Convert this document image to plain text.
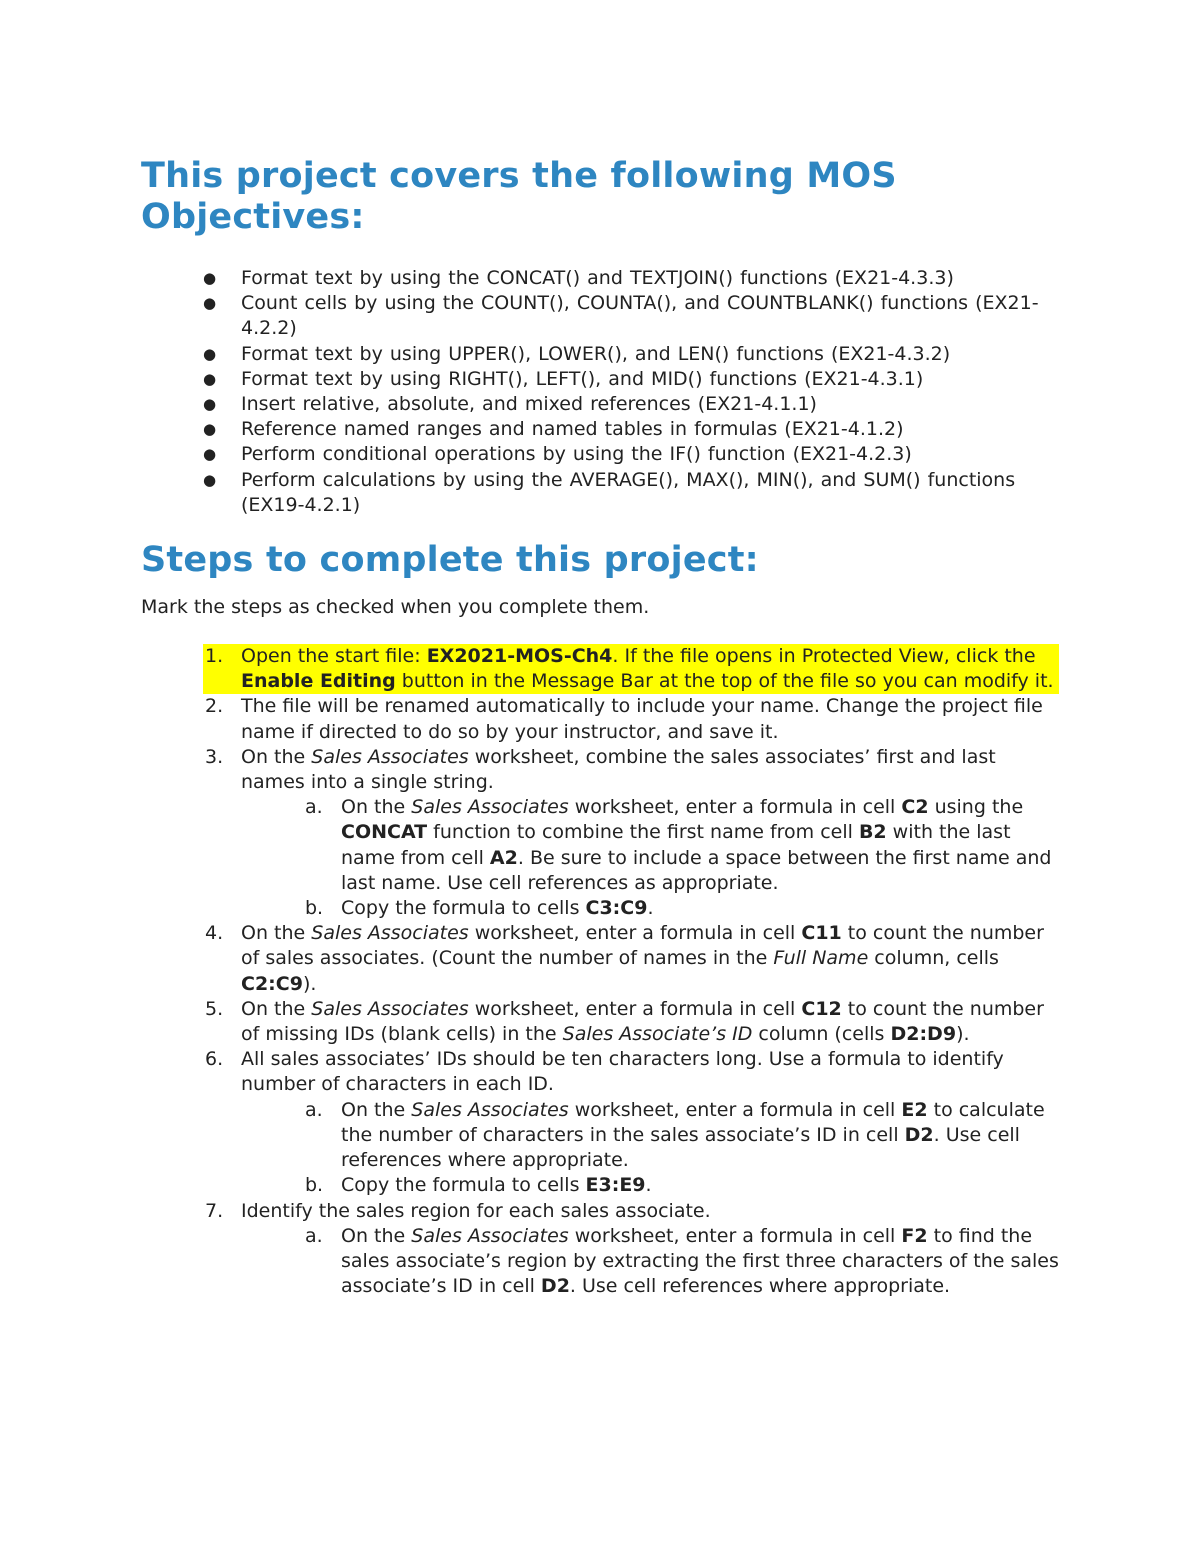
This project covers the following MOS Objectives:
● Format text by using the CONCAT() and TEXTJOIN() functions (EX21-4.3.3)
● Count cells by using the COUNT(), COUNTA(), and COUNTBLANK() functions (EX21-4.2.2)
● Format text by using UPPER(), LOWER(), and LEN() functions (EX21-4.3.2)
● Format text by using RIGHT(), LEFT(), and MID() functions (EX21-4.3.1)
● Insert relative, absolute, and mixed references (EX21-4.1.1)
● Reference named ranges and named tables in formulas (EX21-4.1.2)
● Perform conditional operations by using the IF() function (EX21-4.2.3)
● Perform calculations by using the AVERAGE(), MAX(), MIN(), and SUM() functions (EX19-4.2.1)
Steps to complete this project:

Mark the steps as checked when you complete them.

1. Open the start file: EX2021-MOS-Ch4. If the file opens in Protected View, click the Enable Editing button in the Message Bar at the top of the file so you can modify it.
2. The file will be renamed automatically to include your name. Change the project file name if directed to do so by your instructor, and save it.
3. On the Sales Associates worksheet, combine the sales associates’ first and last names into a single string.
a. On the Sales Associates worksheet, enter a formula in cell C2 using the CONCAT function to combine the first name from cell B2 with the last name from cell A2. Be sure to include a space between the first name and last name. Use cell references as appropriate.
b. Copy the formula to cells C3:C9.
4. On the Sales Associates worksheet, enter a formula in cell C11 to count the number of sales associates. (Count the number of names in the Full Name column, cells C2:C9).
5. On the Sales Associates worksheet, enter a formula in cell C12 to count the number of missing IDs (blank cells) in the Sales Associate’s ID column (cells D2:D9).
6. All sales associates’ IDs should be ten characters long. Use a formula to identify number of characters in each ID.
a. On the Sales Associates worksheet, enter a formula in cell E2 to calculate the number of characters in the sales associate’s ID in cell D2. Use cell references where appropriate.
b. Copy the formula to cells E3:E9.
7. Identify the sales region for each sales associate.
a. On the Sales Associates worksheet, enter a formula in cell F2 to find the sales associate’s region by extracting the first three characters of the sales associate’s ID in cell D2. Use cell references where appropriate.
